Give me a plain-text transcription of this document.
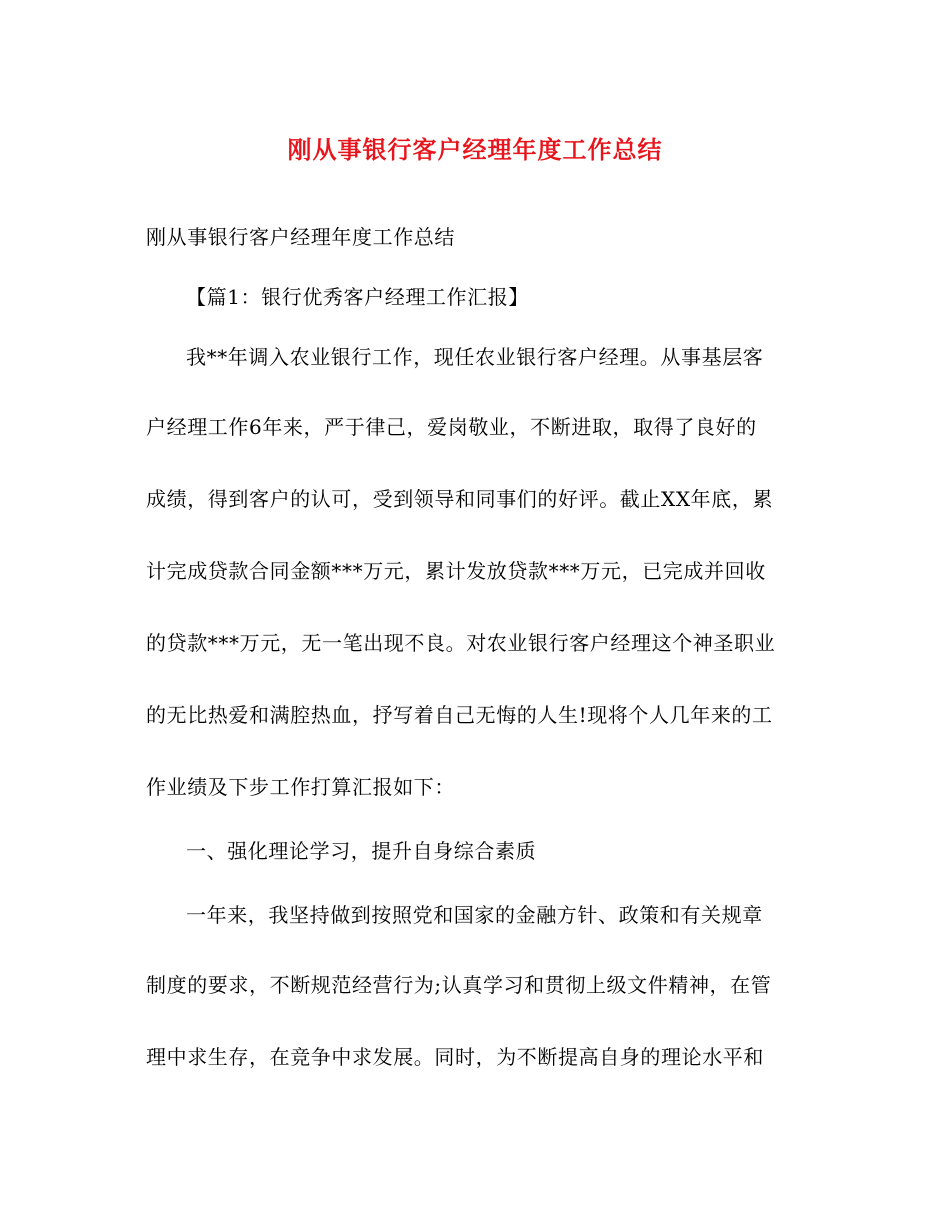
刚从事银行客户经理年度工作总结
刚从事银行客户经理年度工作总结
【篇1：银行优秀客户经理工作汇报】
我**年调入农业银行工作，现任农业银行客户经理。从事基层客
户经理工作6年来，严于律己，爱岗敬业，不断进取，取得了良好的
成绩，得到客户的认可，受到领导和同事们的好评。截止XX年底，累
计完成贷款合同金额***万元，累计发放贷款***万元，已完成并回收
的贷款***万元，无一笔出现不良。对农业银行客户经理这个神圣职业
的无比热爱和满腔热血，抒写着自己无悔的人生!现将个人几年来的工
作业绩及下步工作打算汇报如下：
一、强化理论学习，提升自身综合素质
一年来，我坚持做到按照党和国家的金融方针、政策和有关规章
制度的要求，不断规范经营行为;认真学习和贯彻上级文件精神，在管
理中求生存，在竞争中求发展。同时，为不断提高自身的理论水平和
